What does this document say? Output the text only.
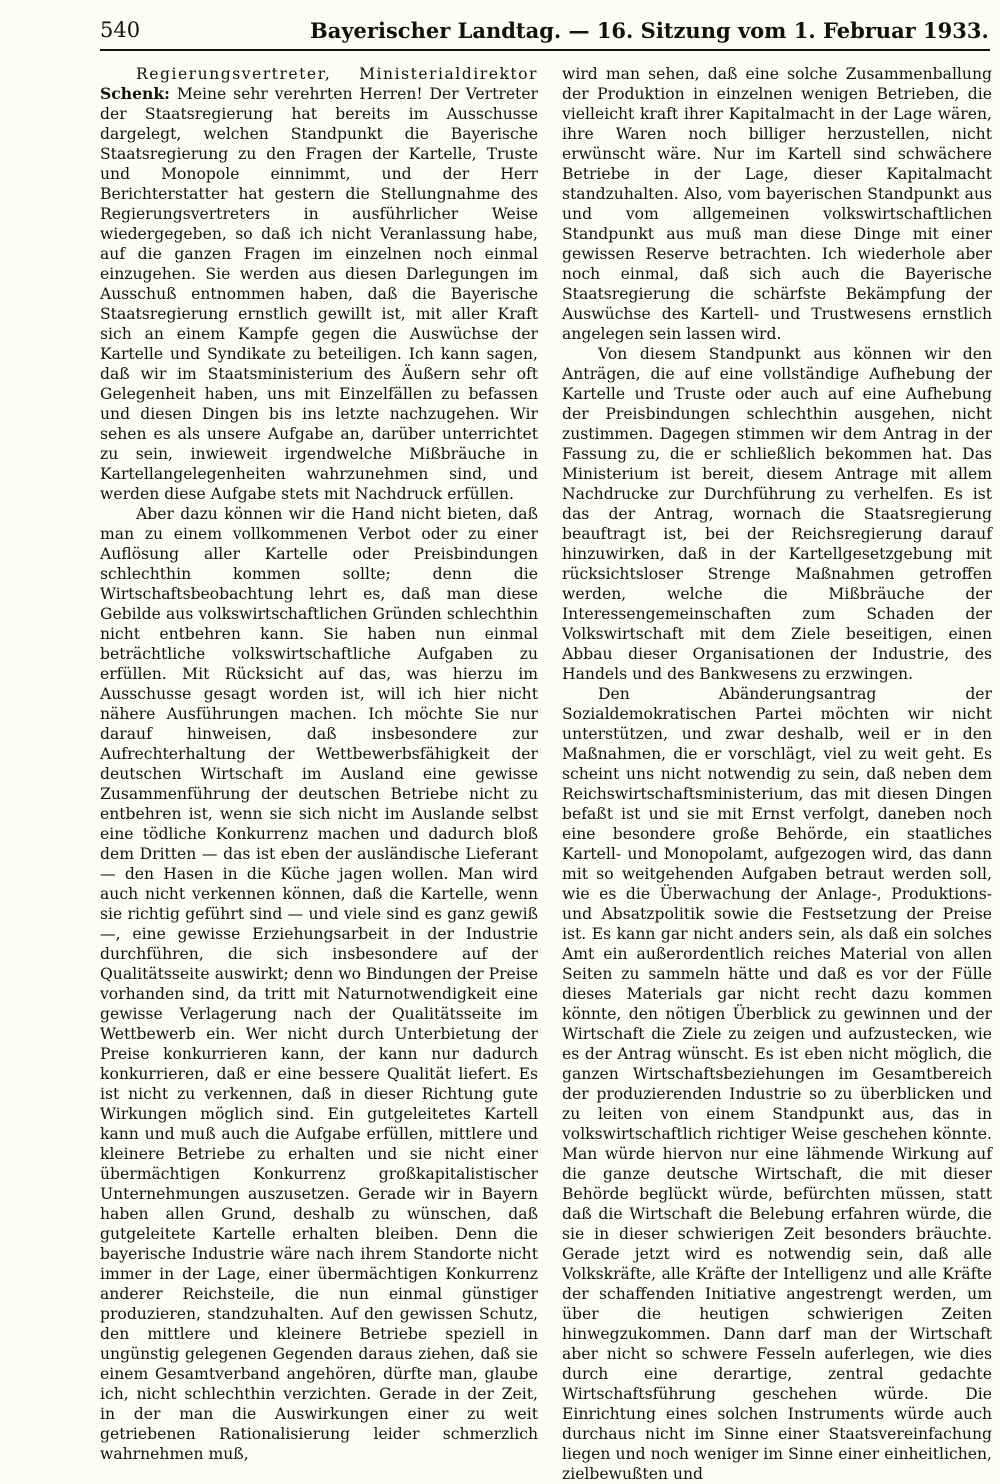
540	Bayerischer Landtag. — 16. Sitzung vom 1. Februar 1933.

Regierungsvertreter, Ministerialdirektor Schenk: Meine sehr verehrten Herren! Der Vertreter der Staatsregierung hat bereits im Ausschusse dargelegt, welchen Standpunkt die Bayerische Staatsregierung zu den Fragen der Kartelle, Truste und Monopole einnimmt, und der Herr Berichterstatter hat gestern die Stellungnahme des Regierungsvertreters in ausführlicher Weise wiedergegeben, so daß ich nicht Veranlassung habe, auf die ganzen Fragen im einzelnen noch einmal einzugehen. Sie werden aus diesen Darlegungen im Ausschuß entnommen haben, daß die Bayerische Staatsregierung ernstlich gewillt ist, mit aller Kraft sich an einem Kampfe gegen die Auswüchse der Kartelle und Syndikate zu beteiligen. Ich kann sagen, daß wir im Staatsministerium des Äußern sehr oft Gelegenheit haben, uns mit Einzelfällen zu befassen und diesen Dingen bis ins letzte nachzugehen. Wir sehen es als unsere Aufgabe an, darüber unterrichtet zu sein, inwieweit irgendwelche Mißbräuche in Kartellangelegenheiten wahrzunehmen sind, und werden diese Aufgabe stets mit Nachdruck erfüllen.

Aber dazu können wir die Hand nicht bieten, daß man zu einem vollkommenen Verbot oder zu einer Auflösung aller Kartelle oder Preisbindungen schlechthin kommen sollte; denn die Wirtschaftsbeobachtung lehrt es, daß man diese Gebilde aus volkswirtschaftlichen Gründen schlechthin nicht entbehren kann. Sie haben nun einmal beträchtliche volkswirtschaftliche Aufgaben zu erfüllen. Mit Rücksicht auf das, was hierzu im Ausschusse gesagt worden ist, will ich hier nicht nähere Ausführungen machen. Ich möchte Sie nur darauf hinweisen, daß insbesondere zur Aufrechterhaltung der Wettbewerbsfähigkeit der deutschen Wirtschaft im Ausland eine gewisse Zusammenführung der deutschen Betriebe nicht zu entbehren ist, wenn sie sich nicht im Auslande selbst eine tödliche Konkurrenz machen und dadurch bloß dem Dritten — das ist eben der ausländische Lieferant — den Hasen in die Küche jagen wollen. Man wird auch nicht verkennen können, daß die Kartelle, wenn sie richtig geführt sind — und viele sind es ganz gewiß —, eine gewisse Erziehungsarbeit in der Industrie durchführen, die sich insbesondere auf der Qualitätsseite auswirkt; denn wo Bindungen der Preise vorhanden sind, da tritt mit Naturnotwendigkeit eine gewisse Verlagerung nach der Qualitätsseite im Wettbewerb ein. Wer nicht durch Unterbietung der Preise konkurrieren kann, der kann nur dadurch konkurrieren, daß er eine bessere Qualität liefert. Es ist nicht zu verkennen, daß in dieser Richtung gute Wirkungen möglich sind. Ein gutgeleitetes Kartell kann und muß auch die Aufgabe erfüllen, mittlere und kleinere Betriebe zu erhalten und sie nicht einer übermächtigen Konkurrenz großkapitalistischer Unternehmungen auszusetzen. Gerade wir in Bayern haben allen Grund, deshalb zu wünschen, daß gutgeleitete Kartelle erhalten bleiben. Denn die bayerische Industrie wäre nach ihrem Standorte nicht immer in der Lage, einer übermächtigen Konkurrenz anderer Reichsteile, die nun einmal günstiger produzieren, standzuhalten. Auf den gewissen Schutz, den mittlere und kleinere Betriebe speziell in ungünstig gelegenen Gegenden daraus ziehen, daß sie einem Gesamtverband angehören, dürfte man, glaube ich, nicht schlechthin verzichten. Gerade in der Zeit, in der man die Auswirkungen einer zu weit getriebenen Rationalisierung leider schmerzlich wahrnehmen muß,

wird man sehen, daß eine solche Zusammenballung der Produktion in einzelnen wenigen Betrieben, die vielleicht kraft ihrer Kapitalmacht in der Lage wären, ihre Waren noch billiger herzustellen, nicht erwünscht wäre. Nur im Kartell sind schwächere Betriebe in der Lage, dieser Kapitalmacht standzuhalten. Also, vom bayerischen Standpunkt aus und vom allgemeinen volkswirtschaftlichen Standpunkt aus muß man diese Dinge mit einer gewissen Reserve betrachten. Ich wiederhole aber noch einmal, daß sich auch die Bayerische Staatsregierung die schärfste Bekämpfung der Auswüchse des Kartell- und Trustwesens ernstlich angelegen sein lassen wird.

Von diesem Standpunkt aus können wir den Anträgen, die auf eine vollständige Aufhebung der Kartelle und Truste oder auch auf eine Aufhebung der Preisbindungen schlechthin ausgehen, nicht zustimmen. Dagegen stimmen wir dem Antrag in der Fassung zu, die er schließlich bekommen hat. Das Ministerium ist bereit, diesem Antrage mit allem Nachdrucke zur Durchführung zu verhelfen. Es ist das der Antrag, wornach die Staatsregierung beauftragt ist, bei der Reichsregierung darauf hinzuwirken, daß in der Kartellgesetzgebung mit rücksichtsloser Strenge Maßnahmen getroffen werden, welche die Mißbräuche der Interessengemeinschaften zum Schaden der Volkswirtschaft mit dem Ziele beseitigen, einen Abbau dieser Organisationen der Industrie, des Handels und des Bankwesens zu erzwingen.

Den Abänderungsantrag der Sozialdemokratischen Partei möchten wir nicht unterstützen, und zwar deshalb, weil er in den Maßnahmen, die er vorschlägt, viel zu weit geht. Es scheint uns nicht notwendig zu sein, daß neben dem Reichswirtschaftsministerium, das mit diesen Dingen befaßt ist und sie mit Ernst verfolgt, daneben noch eine besondere große Behörde, ein staatliches Kartell- und Monopolamt, aufgezogen wird, das dann mit so weitgehenden Aufgaben betraut werden soll, wie es die Überwachung der Anlage-, Produktions- und Absatzpolitik sowie die Festsetzung der Preise ist. Es kann gar nicht anders sein, als daß ein solches Amt ein außerordentlich reiches Material von allen Seiten zu sammeln hätte und daß es vor der Fülle dieses Materials gar nicht recht dazu kommen könnte, den nötigen Überblick zu gewinnen und der Wirtschaft die Ziele zu zeigen und aufzustecken, wie es der Antrag wünscht. Es ist eben nicht möglich, die ganzen Wirtschaftsbeziehungen im Gesamtbereich der produzierenden Industrie so zu überblicken und zu leiten von einem Standpunkt aus, das in volkswirtschaftlich richtiger Weise geschehen könnte. Man würde hiervon nur eine lähmende Wirkung auf die ganze deutsche Wirtschaft, die mit dieser Behörde beglückt würde, befürchten müssen, statt daß die Wirtschaft die Belebung erfahren würde, die sie in dieser schwierigen Zeit besonders bräuchte. Gerade jetzt wird es notwendig sein, daß alle Volkskräfte, alle Kräfte der Intelligenz und alle Kräfte der schaffenden Initiative angestrengt werden, um über die heutigen schwierigen Zeiten hinwegzukommen. Dann darf man der Wirtschaft aber nicht so schwere Fesseln auferlegen, wie dies durch eine derartige, zentral gedachte Wirtschaftsführung geschehen würde. Die Einrichtung eines solchen Instruments würde auch durchaus nicht im Sinne einer Staatsvereinfachung liegen und noch weniger im Sinne einer einheitlichen, zielbewußten und
